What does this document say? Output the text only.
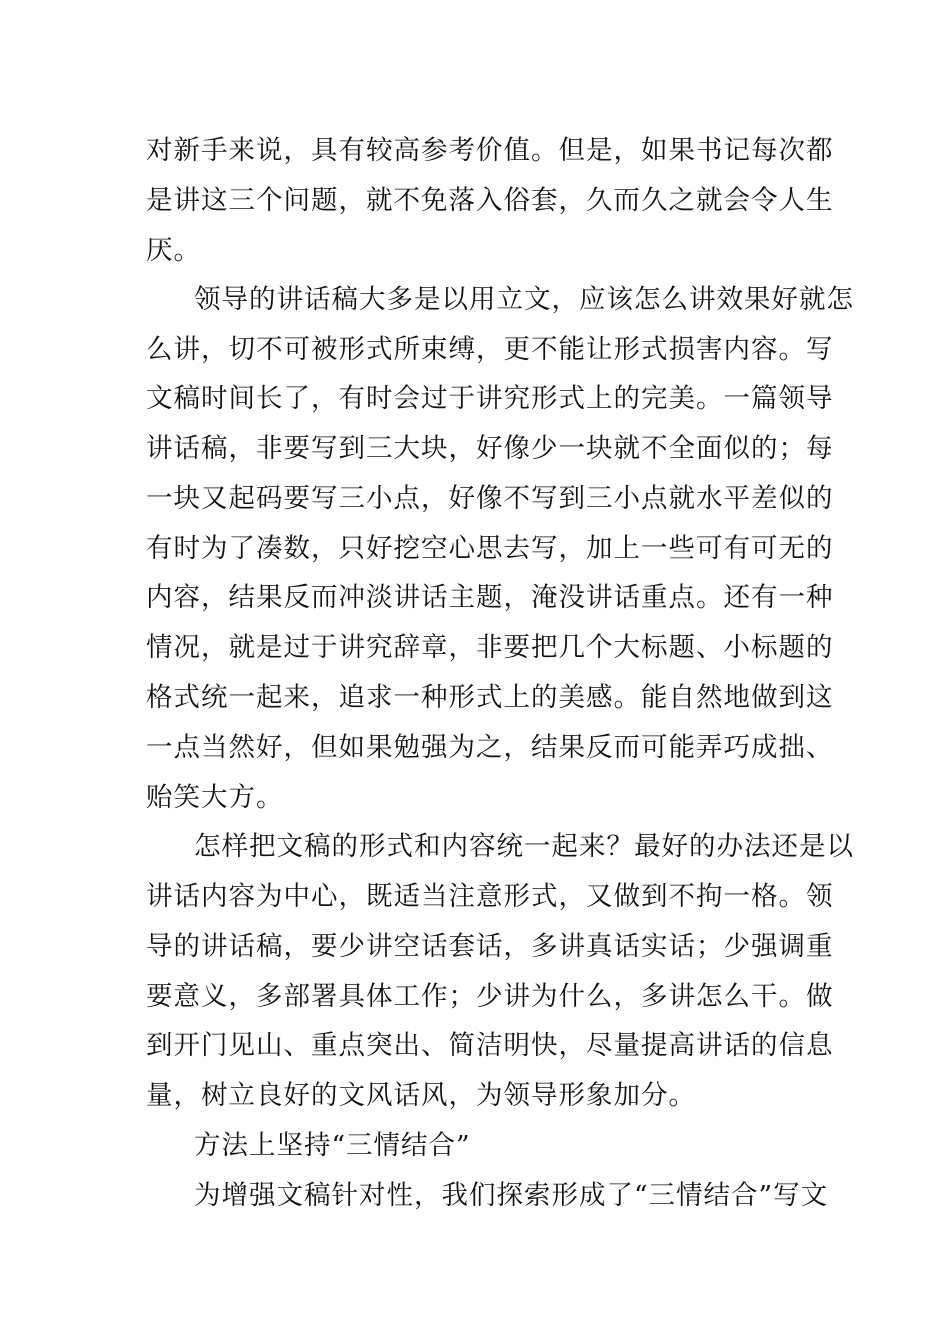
对新手来说，具有较高参考价值。但是，如果书记每次都
是讲这三个问题，就不免落入俗套，久而久之就会令人生
厌。
领导的讲话稿大多是以用立文，应该怎么讲效果好就怎
么讲，切不可被形式所束缚，更不能让形式损害内容。写
文稿时间长了，有时会过于讲究形式上的完美。一篇领导
讲话稿，非要写到三大块，好像少一块就不全面似的；每
一块又起码要写三小点，好像不写到三小点就水平差似的
有时为了凑数，只好挖空心思去写，加上一些可有可无的
内容，结果反而冲淡讲话主题，淹没讲话重点。还有一种
情况，就是过于讲究辞章，非要把几个大标题、小标题的
格式统一起来，追求一种形式上的美感。能自然地做到这
一点当然好，但如果勉强为之，结果反而可能弄巧成拙、
贻笑大方。
怎样把文稿的形式和内容统一起来？最好的办法还是以
讲话内容为中心，既适当注意形式，又做到不拘一格。领
导的讲话稿，要少讲空话套话，多讲真话实话；少强调重
要意义，多部署具体工作；少讲为什么，多讲怎么干。做
到开门见山、重点突出、简洁明快，尽量提高讲话的信息
量，树立良好的文风话风，为领导形象加分。
方法上坚持“三情结合”
为增强文稿针对性，我们探索形成了“三情结合”写文
